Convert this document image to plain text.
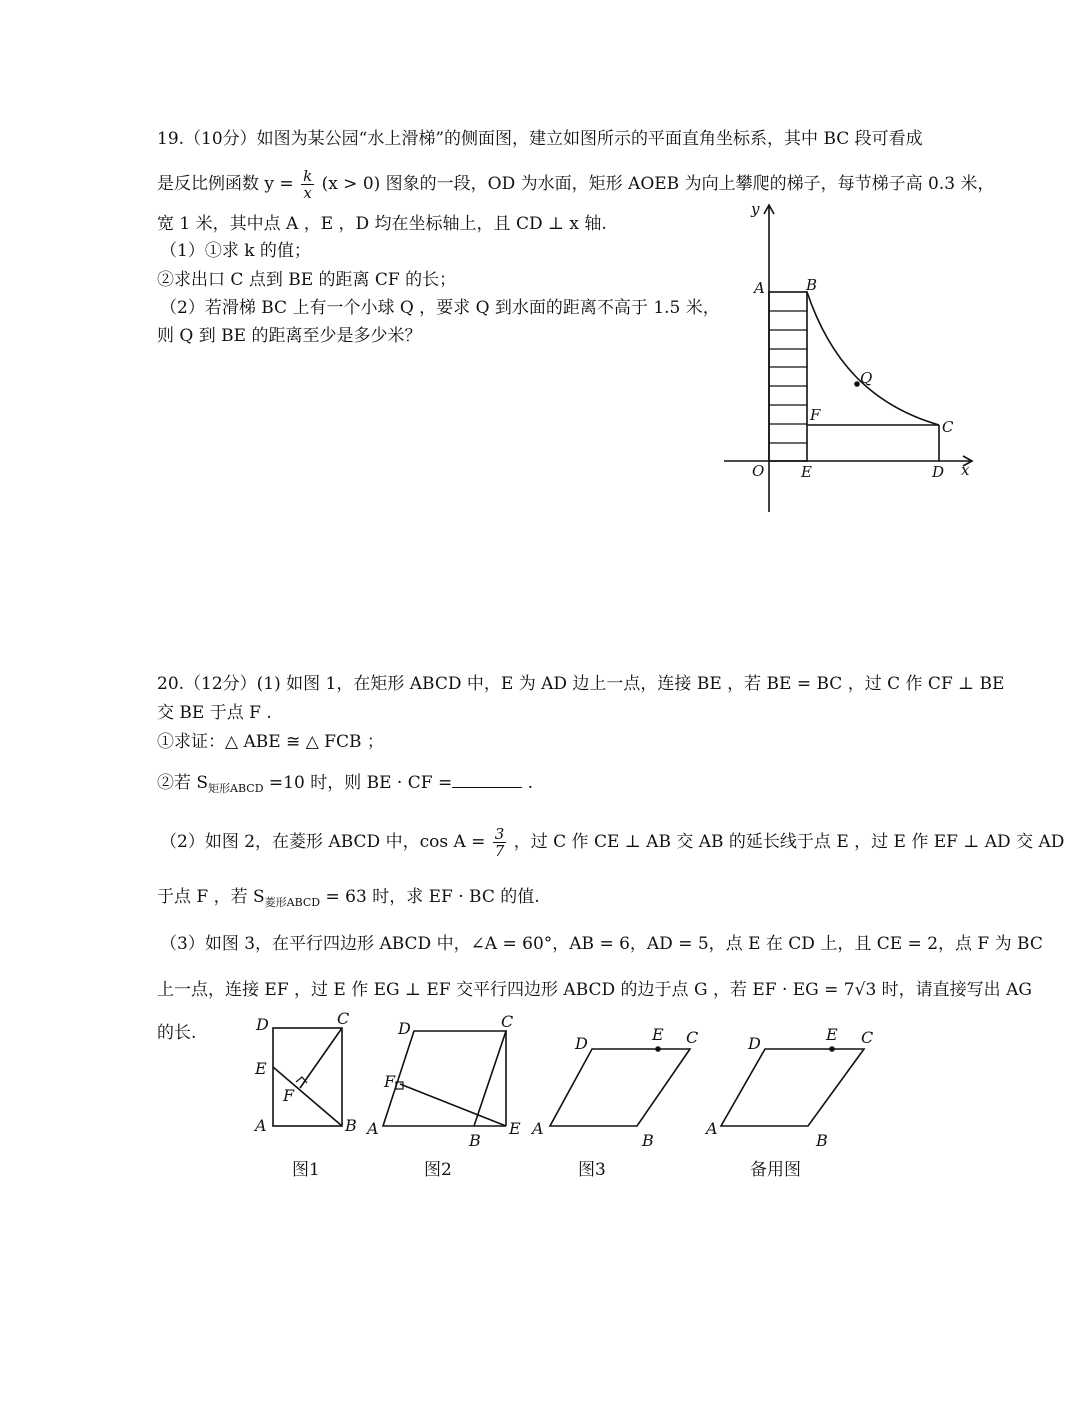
19.（10分）如图为某公园“水上滑梯”的侧面图，建立如图所示的平面直角坐标系，其中 BC 段可看成
是反比例函数 $y = \frac{k}{x} (x > 0)$ 图象的一段，OD 为水面，矩形 AOEB 为向上攀爬的梯子，每节梯子高 0.3 米，
宽 1 米，其中点 A ，E ，D 均在坐标轴上，且 CD ⊥ x 轴.
（1）①求 k 的值；
②求出口 C 点到 BE 的距离 CF 的长；
（2）若滑梯 BC 上有一个小球 Q ，要求 Q 到水面的距离不高于 1.5 米，
则 Q 到 BE 的距离至少是多少米？
y
x
O
A	B
Q
F
C
E	D
20.（12分）(1) 如图 1，在矩形 ABCD 中，E 为 AD 边上一点，连接 BE ，若 BE = BC ，过 C 作 CF ⊥ BE
交 BE 于点 F .
①求证：△ ABE ≅ △ FCB ；
②若 $S_{矩形ABCD} =10$ 时，则 BE · CF =	.
（2）如图 2，在菱形 ABCD 中，$\cos A = \frac{3}{7}$ ，过 C 作 CE ⊥ AB 交 AB 的延长线于点 E ，过 E 作 EF ⊥ AD 交 AD
于点 F ，若 $S_{菱形ABCD} = 63$ 时，求 EF · BC 的值.
（3）如图 3，在平行四边形 ABCD 中，∠A = 60°，AB = 6，AD = 5，点 E 在 CD 上，且 CE = 2，点 F 为 BC
上一点，连接 EF ，过 E 作 EG ⊥ EF 交平行四边形 ABCD 的边于点 G ，若 EF · EG = 7√3 时，请直接写出 AG
的长.	D	C
E
F
A	B
D	C
F
A
B
E
D	E C
A
B
D	E C
A
B
图1	图2	图3	备用图
